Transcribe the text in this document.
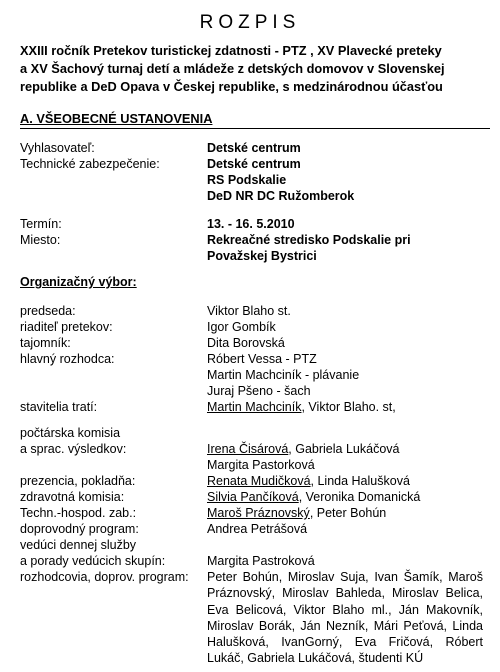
ROZPIS
XXIII ročník Pretekov turistickej zdatnosti - PTZ , XV Plavecké preteky
a XV Šachový turnaj detí a mládeže z detských domovov v Slovenskej
republike a DeD Opava v Českej republike, s medzinárodnou účasťou
A. VŠEOBECNÉ USTANOVENIA
Vyhlasovateľ:	Detské centrum
Technické zabezpečenie:	Detské centrum
RS Podskalie
DeD NR DC Ružomberok
Termín:	13. - 16. 5.2010
Miesto:	Rekreačné stredisko Podskalie pri
Považskej Bystrici
Organizačný výbor:
predseda:	Viktor Blaho st.
riaditeľ pretekov:	Igor Gombík
tajomník:	Dita Borovská
hlavný rozhodca:	Róbert Vessa - PTZ
Martin Machciník - plávanie
Juraj Pšeno - šach
stavitelia tratí:	Martin Machciník, Viktor Blaho. st,
počtárska komisia
a sprac. výsledkov:	Irena Čisárová, Gabriela Lukáčová
Margita Pastorková
prezencia, pokladňa:	Renata Mudičková, Linda Halušková
zdravotná komisia:	Silvia Pančíková, Veronika Domanická
Techn.-hospod. zab.:	Maroš Práznovský, Peter Bohún
doprovodný program:	Andrea Petrášová
vedúci dennej služby
a porady vedúcich skupín:	Margita Pastroková
rozhodcovia, doprov. program: Peter Bohún, Miroslav Suja, Ivan Šamík, Maroš Práznovský, Miroslav Bahleda, Miroslav Belica, Eva Belicová, Viktor Blaho ml., Ján Makovník, Miroslav Borák, Ján Nezník, Mári Peťová, Linda Halušková, IvanGorný, Eva Fričová, Róbert Lukáč, Gabriela Lukáčová, študenti KÚ
